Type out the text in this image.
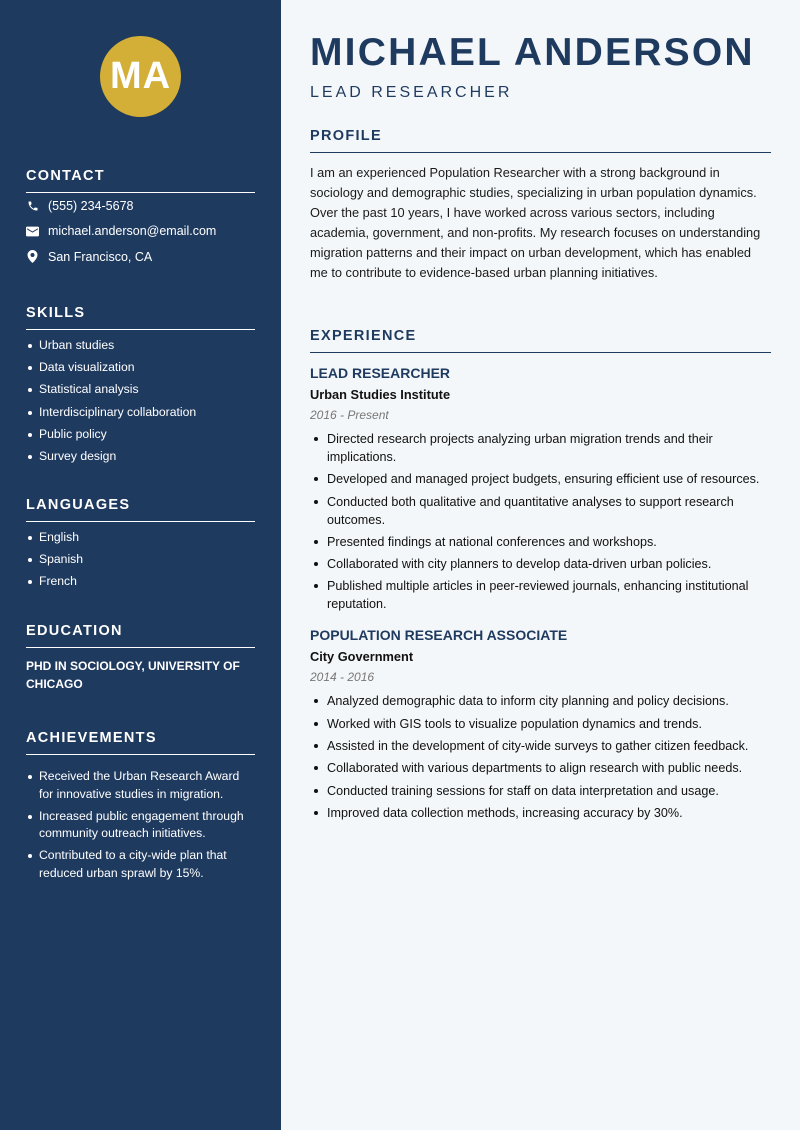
MA
CONTACT
(555) 234-5678
michael.anderson@email.com
San Francisco, CA
SKILLS
Urban studies
Data visualization
Statistical analysis
Interdisciplinary collaboration
Public policy
Survey design
LANGUAGES
English
Spanish
French
EDUCATION
PHD IN SOCIOLOGY, UNIVERSITY OF CHICAGO
ACHIEVEMENTS
Received the Urban Research Award for innovative studies in migration.
Increased public engagement through community outreach initiatives.
Contributed to a city-wide plan that reduced urban sprawl by 15%.
MICHAEL ANDERSON
LEAD RESEARCHER
PROFILE

I am an experienced Population Researcher with a strong background in sociology and demographic studies, specializing in urban population dynamics. Over the past 10 years, I have worked across various sectors, including academia, government, and non-profits. My research focuses on understanding migration patterns and their impact on urban development, which has enabled me to contribute to evidence-based urban planning initiatives.

EXPERIENCE
LEAD RESEARCHER
Urban Studies Institute
2016 - Present
Directed research projects analyzing urban migration trends and their implications.
Developed and managed project budgets, ensuring efficient use of resources.
Conducted both qualitative and quantitative analyses to support research outcomes.
Presented findings at national conferences and workshops.
Collaborated with city planners to develop data-driven urban policies.
Published multiple articles in peer-reviewed journals, enhancing institutional reputation.
POPULATION RESEARCH ASSOCIATE
City Government
2014 - 2016
Analyzed demographic data to inform city planning and policy decisions.
Worked with GIS tools to visualize population dynamics and trends.
Assisted in the development of city-wide surveys to gather citizen feedback.
Collaborated with various departments to align research with public needs.
Conducted training sessions for staff on data interpretation and usage.
Improved data collection methods, increasing accuracy by 30%.
